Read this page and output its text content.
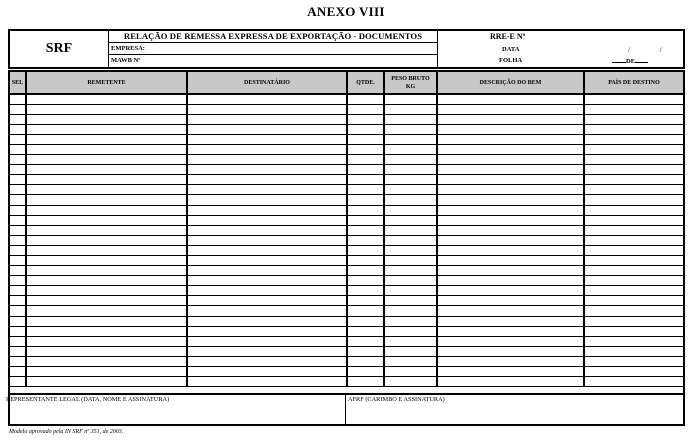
ANEXO VIII
SRF
RELAÇÃO DE REMESSA EXPRESSA DE EXPORTAÇÃO - DOCUMENTOS
EMPRESA:
MAWB Nº
RRE-E Nº
DATA	/ /
FOLHA	DE
SEL	REMETENTE	DESTINATÁRIO	QTDE.	PESO BRUTO KG	DESCRIÇÃO DO BEM	PAÍS DE DESTINO

REPRESENTANTE LEGAL (DATA, NOME E ASSINATURA)	AFRF (CARIMBO E ASSINATURA)
Modelo aprovado pela IN SRF nº 351, de 2003.
